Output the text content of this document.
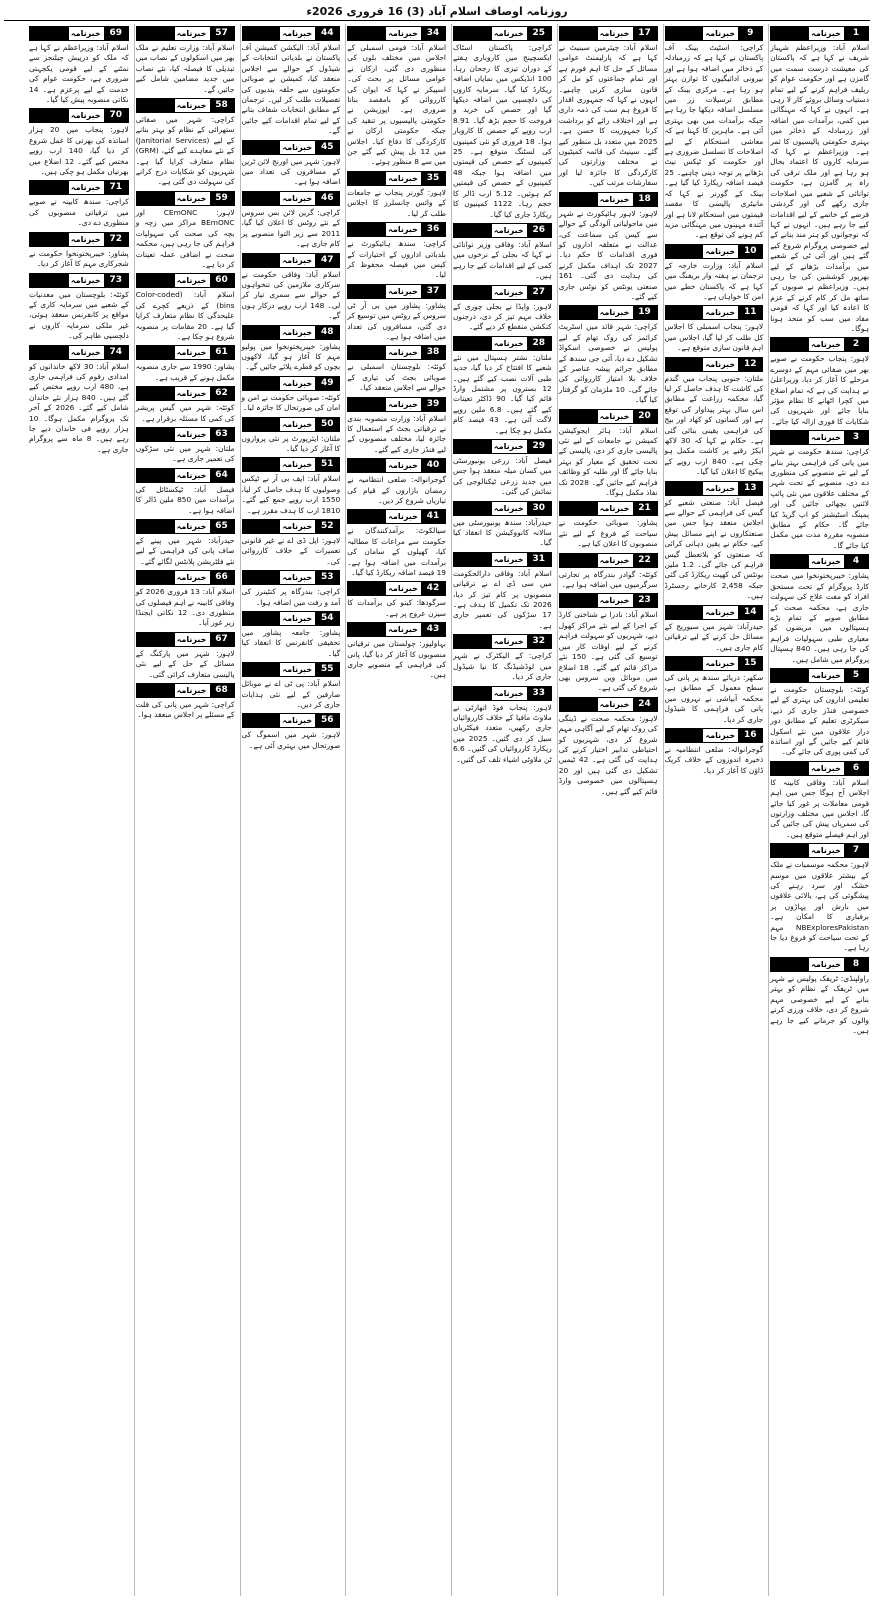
روزنامہ اوصاف اسلام آباد (3) 16 فروری 2026ء
خبرنامہ	1
اسلام آباد: وزیراعظم شہباز شریف نے کہا ہے کہ پاکستان کی معیشت درست سمت میں گامزن ہے اور حکومت عوام کو ریلیف فراہم کرنے کے لیے تمام دستیاب وسائل بروئے کار لا رہی ہے۔ انہوں نے کہا کہ مہنگائی میں کمی، برآمدات میں اضافہ اور زرمبادلہ کے ذخائر میں بہتری حکومتی پالیسیوں کا ثمر ہے۔ وزیراعظم نے کہا کہ سرمایہ کاروں کا اعتماد بحال ہو رہا ہے اور ملک ترقی کی راہ پر گامزن ہے، حکومت توانائی کے شعبے میں اصلاحات جاری رکھے گی اور گردشی قرضے کے خاتمے کے لیے اقدامات کیے جا رہے ہیں۔ انہوں نے کہا کہ نوجوانوں کو ہنر مند بنانے کے لیے خصوصی پروگرام شروع کیے گئے ہیں اور آئی ٹی کے شعبے میں برآمدات بڑھانے کے لیے بھرپور کوششیں کی جا رہی ہیں۔ وزیراعظم نے صوبوں کے ساتھ مل کر کام کرنے کے عزم کا اعادہ کیا اور کہا کہ قومی مفاد میں سب کو متحد ہونا ہوگا۔
خبرنامہ	2
لاہور: پنجاب حکومت نے صوبے بھر میں صفائی مہم کے دوسرے مرحلے کا آغاز کر دیا، وزیراعلیٰ نے ہدایت کی ہے کہ تمام اضلاع میں کچرا اٹھانے کا نظام مؤثر بنایا جائے اور شہریوں کی شکایات کا فوری ازالہ کیا جائے۔
خبرنامہ	3
کراچی: سندھ حکومت نے شہر میں پانی کی فراہمی بہتر بنانے کے لیے نئے منصوبے کی منظوری دے دی، منصوبے کے تحت شہر کے مختلف علاقوں میں نئی پائپ لائنیں بچھائی جائیں گی اور پمپنگ اسٹیشنز کو اپ گریڈ کیا جائے گا۔ حکام کے مطابق منصوبہ مقررہ مدت میں مکمل کیا جائے گا۔
خبرنامہ	4
پشاور: خیبرپختونخوا میں صحت کارڈ پروگرام کے تحت مستحق افراد کو مفت علاج کی سہولت جاری ہے، محکمہ صحت کے مطابق صوبے کے تمام بڑے ہسپتالوں میں مریضوں کو معیاری طبی سہولیات فراہم کی جا رہی ہیں۔ 840 ہسپتال پروگرام میں شامل ہیں۔
خبرنامہ	5
کوئٹہ: بلوچستان حکومت نے تعلیمی اداروں کی بہتری کے لیے خصوصی فنڈز جاری کر دیے، سیکرٹری تعلیم کے مطابق دور دراز علاقوں میں نئے اسکول قائم کیے جائیں گے اور اساتذہ کی کمی پوری کی جائے گی۔
خبرنامہ	6
اسلام آباد: وفاقی کابینہ کا اجلاس آج ہوگا جس میں اہم قومی معاملات پر غور کیا جائے گا، اجلاس میں مختلف وزارتوں کی سمریاں پیش کی جائیں گی اور اہم فیصلے متوقع ہیں۔
خبرنامہ	7
لاہور: محکمہ موسمیات نے ملک کے بیشتر علاقوں میں موسم خشک اور سرد رہنے کی پیشگوئی کی ہے، بالائی علاقوں میں بارش اور پہاڑوں پر برفباری کا امکان ہے۔ NBExploresPakistan مہم کے تحت سیاحت کو فروغ دیا جا رہا ہے۔
خبرنامہ	8
راولپنڈی: ٹریفک پولیس نے شہر میں ٹریفک کے نظام کو بہتر بنانے کے لیے خصوصی مہم شروع کر دی، خلاف ورزی کرنے والوں کو جرمانے کیے جا رہے ہیں۔
خبرنامہ	9
کراچی: اسٹیٹ بینک آف پاکستان نے کہا ہے کہ زرمبادلہ کے ذخائر میں اضافہ ہوا ہے اور بیرونی ادائیگیوں کا توازن بہتر ہو رہا ہے۔ مرکزی بینک کے مطابق ترسیلات زر میں مسلسل اضافہ دیکھا جا رہا ہے جبکہ برآمدات میں بھی بہتری آئی ہے۔ ماہرین کا کہنا ہے کہ معاشی استحکام کے لیے اصلاحات کا تسلسل ضروری ہے اور حکومت کو ٹیکس نیٹ بڑھانے پر توجہ دینی چاہیے۔ 25 فیصد اضافہ ریکارڈ کیا گیا ہے۔ بینک کے گورنر نے کہا کہ مانیٹری پالیسی کا مقصد قیمتوں میں استحکام لانا ہے اور آئندہ مہینوں میں مہنگائی مزید کم ہونے کی توقع ہے۔
خبرنامہ 10
اسلام آباد: وزارت خارجہ کے ترجمان نے ہفتہ وار بریفنگ میں کہا ہے کہ پاکستان خطے میں امن کا خواہاں ہے۔
خبرنامہ 11
لاہور: پنجاب اسمبلی کا اجلاس کل طلب کر لیا گیا، اجلاس میں اہم قانون سازی متوقع ہے۔
خبرنامہ 12
ملتان: جنوبی پنجاب میں گندم کی کاشت کا ہدف حاصل کر لیا گیا، محکمہ زراعت کے مطابق اس سال بہتر پیداوار کی توقع ہے اور کسانوں کو کھاد اور بیج کی فراہمی یقینی بنائی گئی ہے۔ حکام نے کہا کہ 30 لاکھ ایکڑ رقبے پر کاشت مکمل ہو چکی ہے۔ 840 ارب روپے کے پیکیج کا اعلان کیا گیا۔
خبرنامہ 13
فیصل آباد: صنعتی شعبے کو گیس کی فراہمی کے حوالے سے اجلاس منعقد ہوا جس میں صنعتکاروں نے اپنے مسائل پیش کیے، حکام نے یقین دہانی کرائی کہ صنعتوں کو بلاتعطل گیس فراہم کی جائے گی۔ 1.2 ملین یونٹس کی کھپت ریکارڈ کی گئی جبکہ 2,458 کارخانے رجسٹرڈ ہیں۔
خبرنامہ 14
حیدرآباد: شہر میں سیوریج کے مسائل حل کرنے کے لیے ترقیاتی کام جاری ہیں۔
خبرنامہ 15
سکھر: دریائے سندھ پر پانی کی سطح معمول کے مطابق ہے، محکمہ آبپاشی نے نہروں میں پانی کی فراہمی کا شیڈول جاری کر دیا۔
خبرنامہ 16
گوجرانوالہ: ضلعی انتظامیہ نے ذخیرہ اندوزوں کے خلاف کریک ڈاؤن کا آغاز کر دیا۔
خبرنامہ 17
اسلام آباد: چیئرمین سینیٹ نے کہا ہے کہ پارلیمنٹ عوامی مسائل کے حل کا اہم فورم ہے اور تمام جماعتوں کو مل کر قانون سازی کرنی چاہیے۔ انہوں نے کہا کہ جمہوری اقدار کا فروغ ہم سب کی ذمہ داری ہے اور اختلاف رائے کو برداشت کرنا جمہوریت کا حسن ہے۔ 2025 میں متعدد بل منظور کیے گئے۔ سینیٹ کی قائمہ کمیٹیوں نے مختلف وزارتوں کی کارکردگی کا جائزہ لیا اور سفارشات مرتب کیں۔
خبرنامہ 18
لاہور: لاہور ہائیکورٹ نے شہر میں ماحولیاتی آلودگی کے حوالے سے کیس کی سماعت کی، عدالت نے متعلقہ اداروں کو فوری اقدامات کا حکم دیا۔ 2027 تک اہداف مکمل کرنے کی ہدایت دی گئی۔ 161 صنعتی یونٹس کو نوٹس جاری کیے گئے۔
خبرنامہ 19
کراچی: شہر قائد میں اسٹریٹ کرائمز کی روک تھام کے لیے پولیس نے خصوصی اسکواڈ تشکیل دے دیا، آئی جی سندھ کے مطابق جرائم پیشہ عناصر کے خلاف بلا امتیاز کارروائی کی جائے گی۔ 10 ملزمان کو گرفتار کیا گیا۔
خبرنامہ 20
اسلام آباد: ہائر ایجوکیشن کمیشن نے جامعات کے لیے نئی پالیسی جاری کر دی، پالیسی کے تحت تحقیق کے معیار کو بہتر بنایا جائے گا اور طلبہ کو وظائف فراہم کیے جائیں گے۔ 2028 تک نفاذ مکمل ہوگا۔
خبرنامہ 21
پشاور: صوبائی حکومت نے سیاحت کے فروغ کے لیے نئے منصوبوں کا اعلان کیا ہے۔
خبرنامہ 22
کوئٹہ: گوادر بندرگاہ پر تجارتی سرگرمیوں میں اضافہ ہوا ہے۔
خبرنامہ 23
اسلام آباد: نادرا نے شناختی کارڈ کے اجرا کے لیے نئے مراکز کھول دیے، شہریوں کو سہولت فراہم کرنے کے لیے اوقات کار میں توسیع کی گئی ہے۔ 150 نئے مراکز قائم کیے گئے۔ 18 اضلاع میں موبائل وین سروس بھی شروع کی گئی ہے۔
خبرنامہ 24
لاہور: محکمہ صحت نے ڈینگی کی روک تھام کے لیے آگاہی مہم شروع کر دی، شہریوں کو احتیاطی تدابیر اختیار کرنے کی ہدایت کی گئی ہے۔ 42 ٹیمیں تشکیل دی گئی ہیں اور 20 ہسپتالوں میں خصوصی وارڈ قائم کیے گئے ہیں۔
خبرنامہ 25
کراچی: پاکستان اسٹاک ایکسچینج میں کاروباری ہفتے کے دوران تیزی کا رجحان رہا، 100 انڈیکس میں نمایاں اضافہ ریکارڈ کیا گیا۔ سرمایہ کاروں کی دلچسپی میں اضافہ دیکھا گیا اور حصص کی خرید و فروخت کا حجم بڑھ گیا۔ 8.91 ارب روپے کے حصص کا کاروبار ہوا۔ 18 فروری کو نئی کمپنیوں کی لسٹنگ متوقع ہے۔ 25 کمپنیوں کے حصص کی قیمتوں میں اضافہ ہوا جبکہ 48 کمپنیوں کے حصص کی قیمتیں کم ہوئیں۔ 5.12 ارب ڈالر کا حجم رہا۔ 1122 کمپنیوں کا ریکارڈ جاری کیا گیا۔
خبرنامہ 26
اسلام آباد: وفاقی وزیر توانائی نے کہا کہ بجلی کے نرخوں میں کمی کے لیے اقدامات کیے جا رہے ہیں۔
خبرنامہ 27
لاہور: واپڈا نے بجلی چوری کے خلاف مہم تیز کر دی، درجنوں کنکشن منقطع کر دیے گئے۔
خبرنامہ 28
ملتان: نشتر ہسپتال میں نئے شعبے کا افتتاح کر دیا گیا، جدید طبی آلات نصب کیے گئے ہیں۔ 12 بستروں پر مشتمل وارڈ قائم کیا گیا۔ 90 ڈاکٹر تعینات کیے گئے ہیں۔ 6.8 ملین روپے لاگت آئی ہے۔ 43 فیصد کام مکمل ہو چکا ہے۔
خبرنامہ 29
فیصل آباد: زرعی یونیورسٹی میں کسان میلہ منعقد ہوا جس میں جدید زرعی ٹیکنالوجی کی نمائش کی گئی۔
خبرنامہ 30
حیدرآباد: سندھ یونیورسٹی میں سالانہ کانووکیشن کا انعقاد کیا گیا۔
خبرنامہ 31
اسلام آباد: وفاقی دارالحکومت میں سی ڈی اے نے ترقیاتی منصوبوں پر کام تیز کر دیا، 2026 تک تکمیل کا ہدف ہے۔ 17 سڑکوں کی تعمیر جاری ہے۔
خبرنامہ 32
کراچی: کے الیکٹرک نے شہر میں لوڈشیڈنگ کا نیا شیڈول جاری کر دیا۔
خبرنامہ 33
لاہور: پنجاب فوڈ اتھارٹی نے ملاوٹ مافیا کے خلاف کارروائیاں جاری رکھیں، متعدد فیکٹریاں سیل کر دی گئیں۔ 2025 میں ریکارڈ کارروائیاں کی گئیں۔ 6.6 ٹن ملاوٹی اشیاء تلف کی گئیں۔
خبرنامہ 34
اسلام آباد: قومی اسمبلی کے اجلاس میں مختلف بلوں کی منظوری دی گئی، ارکان نے عوامی مسائل پر بحث کی۔ اسپیکر نے کہا کہ ایوان کی کارروائی کو بامقصد بنانا ضروری ہے۔ اپوزیشن نے حکومتی پالیسیوں پر تنقید کی جبکہ حکومتی ارکان نے کارکردگی کا دفاع کیا۔ اجلاس میں 12 بل پیش کیے گئے جن میں سے 8 منظور ہوئے۔
خبرنامہ 35
لاہور: گورنر پنجاب نے جامعات کے وائس چانسلرز کا اجلاس طلب کر لیا۔
خبرنامہ 36
کراچی: سندھ ہائیکورٹ نے بلدیاتی اداروں کے اختیارات کے کیس میں فیصلہ محفوظ کر لیا۔
خبرنامہ 37
پشاور: پشاور میں بی آر ٹی سروس کے روٹس میں توسیع کر دی گئی، مسافروں کی تعداد میں اضافہ ہوا ہے۔
خبرنامہ 38
کوئٹہ: بلوچستان اسمبلی نے صوبائی بجٹ کی تیاری کے حوالے سے اجلاس منعقد کیا۔
خبرنامہ 39
اسلام آباد: وزارت منصوبہ بندی نے ترقیاتی بجٹ کے استعمال کا جائزہ لیا، مختلف منصوبوں کے لیے فنڈز جاری کیے گئے۔
خبرنامہ 40
گوجرانوالہ: ضلعی انتظامیہ نے رمضان بازاروں کے قیام کی تیاریاں شروع کر دیں۔
خبرنامہ 41
سیالکوٹ: برآمدکنندگان نے حکومت سے مراعات کا مطالبہ کیا، کھیلوں کے سامان کی برآمدات میں اضافہ ہوا ہے۔ 19 فیصد اضافہ ریکارڈ کیا گیا۔
خبرنامہ 42
سرگودھا: کینو کی برآمدات کا سیزن عروج پر ہے۔
خبرنامہ 43
بہاولپور: چولستان میں ترقیاتی منصوبوں کا آغاز کر دیا گیا، پانی کی فراہمی کے منصوبے جاری ہیں۔
خبرنامہ 44
اسلام آباد: الیکشن کمیشن آف پاکستان نے بلدیاتی انتخابات کے شیڈول کے حوالے سے اجلاس منعقد کیا، کمیشن نے صوبائی حکومتوں سے حلقہ بندیوں کی تفصیلات طلب کر لیں۔ ترجمان کے مطابق انتخابات شفاف بنانے کے لیے تمام اقدامات کیے جائیں گے۔
خبرنامہ 45
لاہور: شہر میں اورنج لائن ٹرین کے مسافروں کی تعداد میں اضافہ ہوا ہے۔
خبرنامہ 46
کراچی: گرین لائن بس سروس کے نئے روٹس کا اعلان کیا گیا، 2011 سے زیر التوا منصوبے پر کام جاری ہے۔
خبرنامہ 47
اسلام آباد: وفاقی حکومت نے سرکاری ملازمین کی تنخواہوں کے حوالے سے سمری تیار کر لی۔ 148 ارب روپے درکار ہوں گے۔
خبرنامہ 48
پشاور: خیبرپختونخوا میں پولیو مہم کا آغاز ہو گیا، لاکھوں بچوں کو قطرے پلائے جائیں گے۔
خبرنامہ 49
کوئٹہ: صوبائی حکومت نے امن و امان کی صورتحال کا جائزہ لیا۔
خبرنامہ 50
ملتان: ایئرپورٹ پر نئی پروازوں کا آغاز کر دیا گیا۔
خبرنامہ 51
اسلام آباد: ایف بی آر نے ٹیکس وصولیوں کا ہدف حاصل کر لیا، 1550 ارب روپے جمع کیے گئے۔ 1810 ارب کا ہدف مقرر ہے۔
خبرنامہ 52
لاہور: ایل ڈی اے نے غیر قانونی تعمیرات کے خلاف کارروائی کی۔
خبرنامہ 53
کراچی: بندرگاہ پر کنٹینرز کی آمد و رفت میں اضافہ ہوا۔
خبرنامہ 54
پشاور: جامعہ پشاور میں تحقیقی کانفرنس کا انعقاد کیا گیا۔
خبرنامہ 55
اسلام آباد: پی ٹی اے نے موبائل صارفین کے لیے نئی ہدایات جاری کر دیں۔
خبرنامہ 56
لاہور: شہر میں اسموگ کی صورتحال میں بہتری آئی ہے۔
خبرنامہ 57
اسلام آباد: وزارت تعلیم نے ملک بھر میں اسکولوں کے نصاب میں تبدیلی کا فیصلہ کیا، نئے نصاب میں جدید مضامین شامل کیے جائیں گے۔
خبرنامہ 58
کراچی: شہر میں صفائی ستھرائی کے نظام کو بہتر بنانے کے لیے (Janitorial Services) کے نئے معاہدے کیے گئے، (GRM) نظام متعارف کرایا گیا ہے۔ شہریوں کو شکایات درج کرانے کی سہولت دی گئی ہے۔
خبرنامہ 59
لاہور: CEmONC اور BEmONC مراکز میں زچہ و بچہ کی صحت کی سہولیات فراہم کی جا رہی ہیں، محکمہ صحت نے اضافی عملہ تعینات کر دیا ہے۔
خبرنامہ 60
اسلام آباد: (Color-coded bins) کے ذریعے کچرے کی علیحدگی کا نظام متعارف کرایا گیا ہے۔ 20 مقامات پر منصوبہ شروع ہو چکا ہے۔
خبرنامہ 61
پشاور: 1990 سے جاری منصوبہ مکمل ہونے کے قریب ہے۔
خبرنامہ 62
کوئٹہ: شہر میں گیس پریشر کی کمی کا مسئلہ برقرار ہے۔
خبرنامہ 63
ملتان: شہر میں نئی سڑکوں کی تعمیر جاری ہے۔
خبرنامہ 64
فیصل آباد: ٹیکسٹائل کی برآمدات میں 850 ملین ڈالر کا اضافہ ہوا ہے۔
خبرنامہ 65
حیدرآباد: شہر میں پینے کے صاف پانی کی فراہمی کے لیے نئے فلٹریشن پلانٹس لگائے گئے۔
خبرنامہ 66
اسلام آباد: 13 فروری 2026 کو وفاقی کابینہ نے اہم فیصلوں کی منظوری دی۔ 12 نکاتی ایجنڈا زیر غور آیا۔
خبرنامہ 67
لاہور: شہر میں پارکنگ کے مسائل کے حل کے لیے نئی پالیسی متعارف کرائی گئی۔
خبرنامہ 68
کراچی: شہر میں پانی کی قلت کے مسئلے پر اجلاس منعقد ہوا۔
خبرنامہ 69
اسلام آباد: وزیراعظم نے کہا ہے کہ ملک کو درپیش چیلنجز سے نمٹنے کے لیے قومی یکجہتی ضروری ہے، حکومت عوام کی خدمت کے لیے پرعزم ہے۔ 14 نکاتی منصوبہ پیش کیا گیا۔
خبرنامہ 70
لاہور: پنجاب میں 20 ہزار اساتذہ کی بھرتی کا عمل شروع کر دیا گیا، 140 ارب روپے مختص کیے گئے۔ 12 اضلاع میں بھرتیاں مکمل ہو چکی ہیں۔
خبرنامہ 71
کراچی: سندھ کابینہ نے صوبے میں ترقیاتی منصوبوں کی منظوری دے دی۔
خبرنامہ 72
پشاور: خیبرپختونخوا حکومت نے شجرکاری مہم کا آغاز کر دیا۔
خبرنامہ 73
کوئٹہ: بلوچستان میں معدنیات کے شعبے میں سرمایہ کاری کے مواقع پر کانفرنس منعقد ہوئی، غیر ملکی سرمایہ کاروں نے دلچسپی ظاہر کی۔
خبرنامہ 74
اسلام آباد: 30 لاکھ خاندانوں کو امدادی رقوم کی فراہمی جاری ہے، 480 ارب روپے مختص کیے گئے ہیں۔ 840 ہزار نئے خاندان شامل کیے گئے۔ 2026 کے آخر تک پروگرام مکمل ہوگا۔ 10 ہزار روپے فی خاندان دیے جا رہے ہیں۔ 8 ماہ سے پروگرام جاری ہے۔
